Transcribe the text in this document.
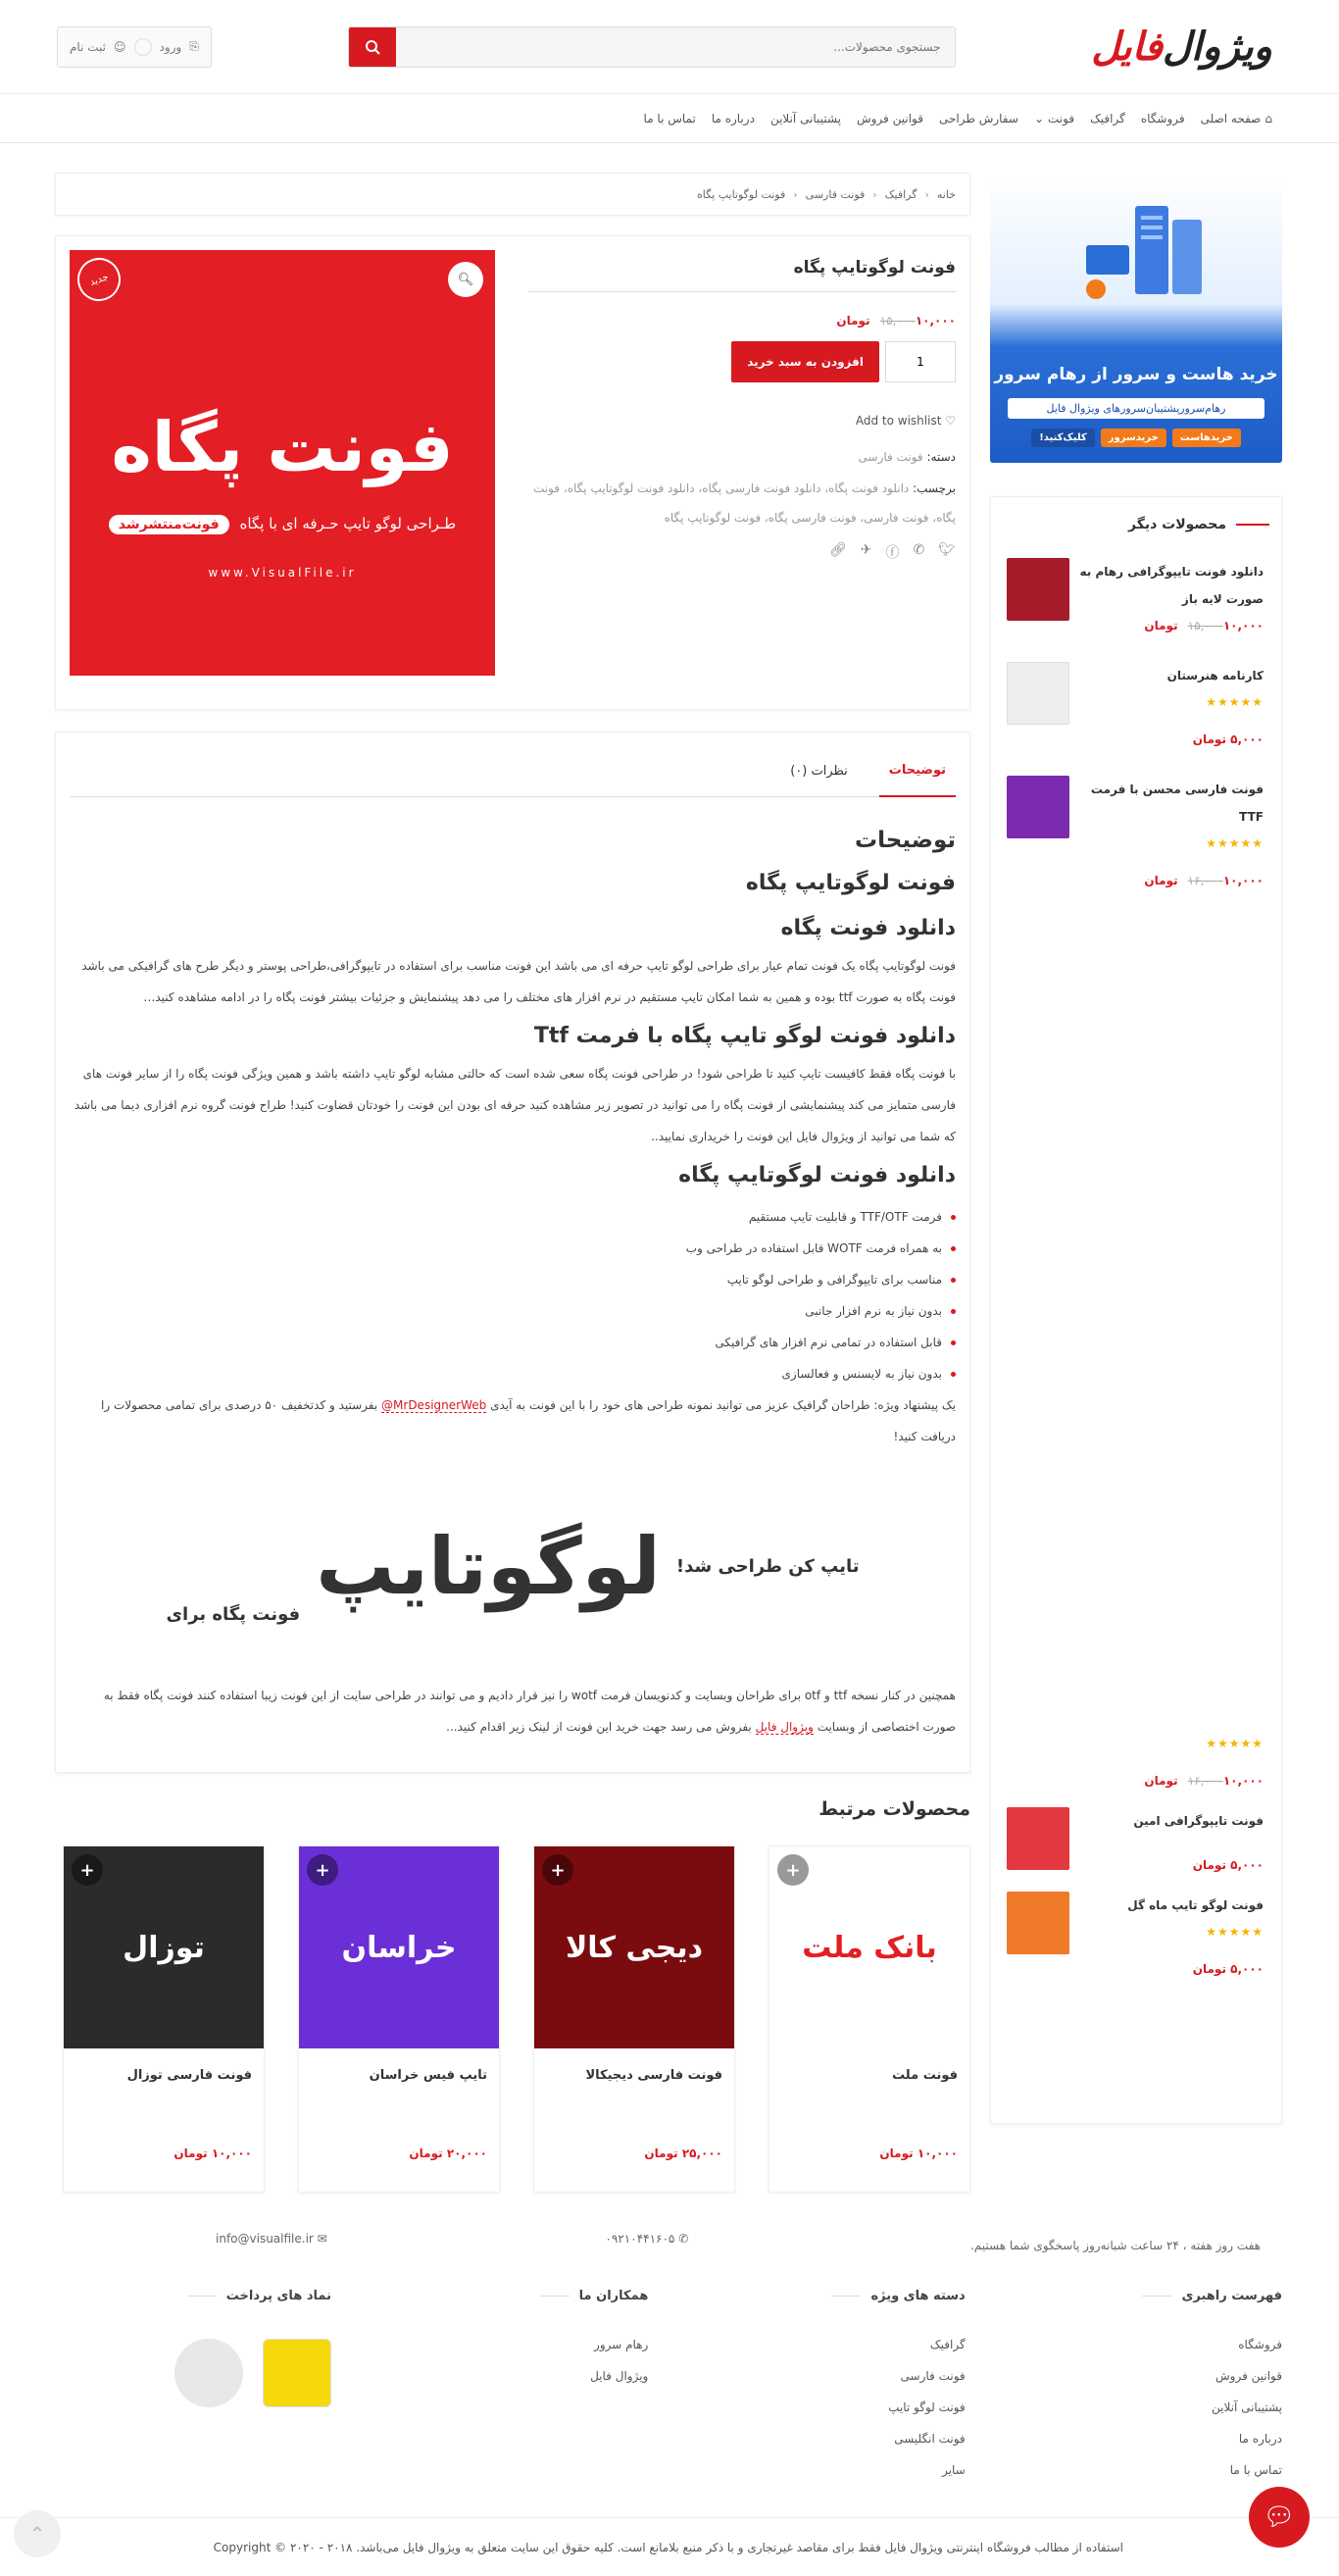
ویژوال
فایل
جستجوی محصولات...
⎘
ورود
☺
ثبت نام
⌂
صفحه اصلی
فروشگاه
گرافیک
فونت
⌄
سفارش طراحی
قوانین فروش
پشتیبانی آنلاین
درباره ما
تماس با ما
خرید هاست و سرور از رهام سرور
رهام‌سرور‌پشتیبان‌سرورهای ویژوال فایل
خرید‌هاست
خرید‌سرور
کلیک‌کنید!
محصولات دیگر
دانلود فونت تایپوگرافی رهام به صورت لایه باز
۱۵,۰۰۰۱۰,۰۰۰ تومان
کارنامه هنرستان
★★★★★
۵,۰۰۰ تومان
فونت فارسی محسن با فرمت TTF
★★★★★
۱۶,۰۰۰۱۰,۰۰۰ تومان
★★★★★
۱۶,۰۰۰۱۰,۰۰۰ تومان
فونت تایپوگرافی امین
۵,۰۰۰ تومان
فونت لوگو تایپ ماه گل
★★★★★
۵,۰۰۰ تومان
خانه
‹
گرافیک
‹
فونت فارسی
‹
فونت لوگوتایپ پگاه
فونت لوگوتایپ پگاه
۱۵,۰۰۰۱۰,۰۰۰ تومان
1
افزودن به سبد خرید
♡ Add to wishlist
دسته: فونت فارسی
برچسب: دانلود فونت پگاه، دانلود فونت فارسی پگاه، دانلود فونت لوگوتایپ پگاه، فونت پگاه، فونت فارسی، فونت فارسی پگاه، فونت لوگوتایپ پگاه
🐦︎
✆
ⓕ
✈
🔗︎
🔍︎
جدید
فونت پگاه
طـراحی لوگو تایپ حـرفه ای با پگاه فونت‌منتشرشد
www.VisualFile.ir
توضیحات
نظرات (۰)
توضیحات
فونت لوگوتایپ پگاه
دانلود فونت پگاه

فونت لوگوتایپ پگاه یک فونت تمام عیار برای طراحی لوگو تایپ حرفه ای می باشد این فونت مناسب برای استفاده در تایپوگرافی،طراحی پوستر و دیگر طرح های گرافیکی می باشد فونت پگاه به صورت ttf بوده و همین به شما امکان تایپ مستقیم در نرم افزار های مختلف را می دهد پیشنمایش و جزئیات بیشتر فونت پگاه را در ادامه مشاهده کنید…

دانلود فونت لوگو تایپ پگاه با فرمت Ttf

با فونت پگاه فقط کافیست تایپ کنید تا طراحی شود! در طراحی فونت پگاه سعی شده است که حالتی مشابه لوگو تایپ داشته باشد و همین ویژگی فونت پگاه را از سایر فونت های فارسی متمایز می کند پیشنمایشی از فونت پگاه را می توانید در تصویر زیر مشاهده کنید حرفه ای بودن این فونت را خودتان قضاوت کنید! طراح فونت گروه نرم افزاری دیما می باشد که شما می توانید از ویژوال فایل این فونت را خریداری نمایید..

دانلود فونت لوگوتایپ پگاه
فرمت TTF/OTF و قابلیت تایپ مستقیم
به همراه فرمت WOTF قابل استفاده در طراحی وب
مناسب برای تایپوگرافی و طراحی لوگو تایپ
بدون نیاز به نرم افزار جانبی
قابل استفاده در تمامی نرم افزار های گرافیکی
بدون نیاز به لایسنس و فعالسازی

یک پیشنهاد ویژه: طراحان گرافیک عزیز می توانید نمونه طراحی های خود را با این فونت به آیدی MrDesignerWeb@ بفرستید و کدتخفیف ۵۰ درصدی برای تمامی محصولات را دریافت کنید!

تایپ کن طراحی شد!
لوگوتایپ
فونت پگاه برای

همچنین در کنار نسخه ttf و otf برای طراحان وبسایت و کدنویسان فرمت wotf را نیز قرار دادیم و می توانند در طراحی سایت از این فونت زیبا استفاده کنند فونت پگاه فقط به صورت اختصاصی از وبسایت ویژوال فایل بفروش می رسد جهت خرید این فونت از لینک زیر اقدام کنید...

محصولات مرتبط
+
بانک ملت
فونت ملت
۱۰,۰۰۰ تومان
+
دیجی کالا
فونت فارسی دیجیکالا
۲۵,۰۰۰ تومان
+
خراسان
تایپ فیس خراسان
۲۰,۰۰۰ تومان
+
توزال
فونت فارسی توزال
۱۰,۰۰۰ تومان
هفت روز هفته ، ۲۴ ساعت شبانه‌روز پاسخگوی شما هستیم.
✆ ۰۹۲۱۰۴۴۱۶۰۵
✉ info@visualfile.ir
فهرست راهبری
فروشگاه
قوانین فروش
پشتیبانی آنلاین
درباره ما
تماس با ما
دسته های ویژه
گرافیک
فونت فارسی
فونت لوگو تایپ
فونت انگلیسی
سایر
همکاران ما
رهام سرور
ویژوال فایل
نماد های پرداخت
استفاده از مطالب فروشگاه اینترنتی ویژوال فایل فقط برای مقاصد غیرتجاری و با ذکر منبع بلامانع است. کلیه حقوق این سایت متعلق به ویژوال فایل می‌باشد. ۲۰۱۸ - ۲۰۲۰ © Copyright
💬︎
⌃
